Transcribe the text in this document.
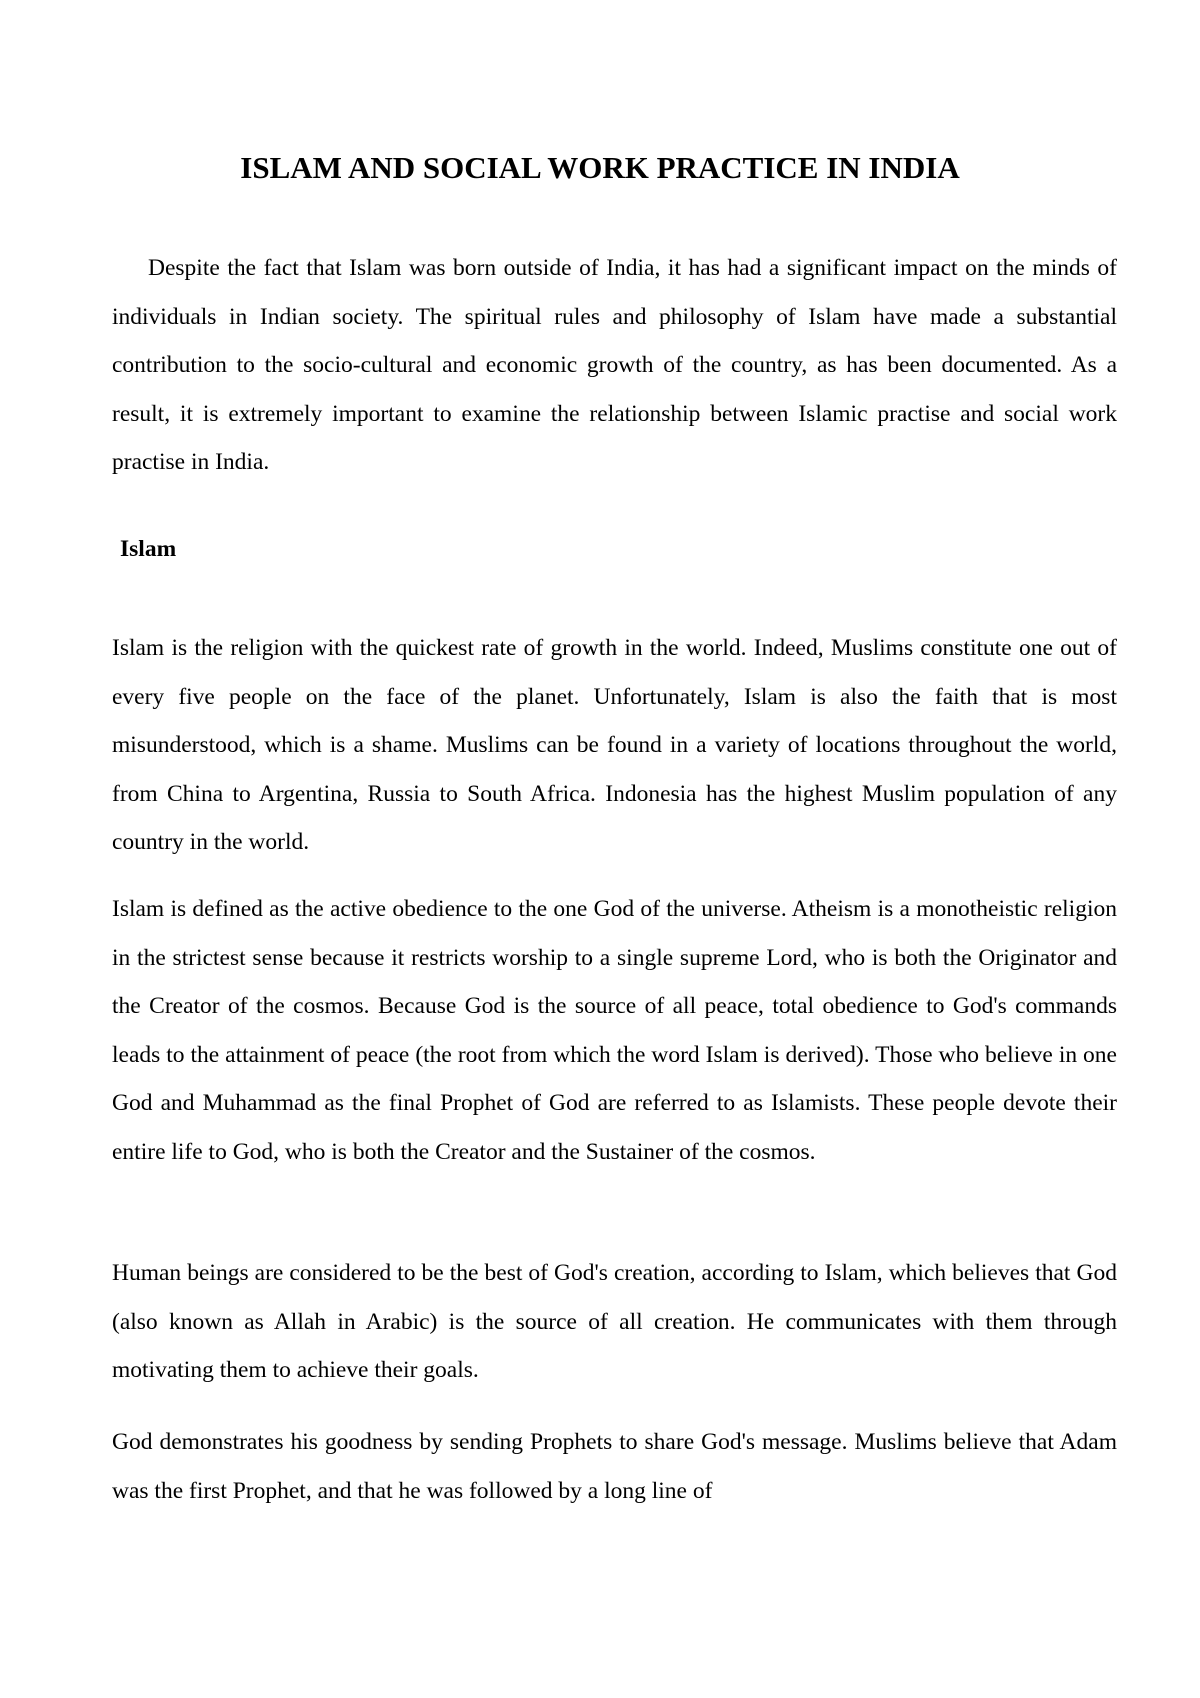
ISLAM AND SOCIAL WORK PRACTICE IN INDIA

Despite the fact that Islam was born outside of India, it has had a significant impact on the minds of individuals in Indian society. The spiritual rules and philosophy of Islam have made a substantial contribution to the socio-cultural and economic growth of the country, as has been documented. As a result, it is extremely important to examine the relationship between Islamic practise and social work practise in India.

Islam

Islam is the religion with the quickest rate of growth in the world. Indeed, Muslims constitute one out of every five people on the face of the planet. Unfortunately, Islam is also the faith that is most misunderstood, which is a shame. Muslims can be found in a variety of locations throughout the world, from China to Argentina, Russia to South Africa. Indonesia has the highest Muslim population of any country in the world.

Islam is defined as the active obedience to the one God of the universe. Atheism is a monotheistic religion in the strictest sense because it restricts worship to a single supreme Lord, who is both the Originator and the Creator of the cosmos. Because God is the source of all peace, total obedience to God's commands leads to the attainment of peace (the root from which the word Islam is derived). Those who believe in one God and Muhammad as the final Prophet of God are referred to as Islamists. These people devote their entire life to God, who is both the Creator and the Sustainer of the cosmos.

Human beings are considered to be the best of God's creation, according to Islam, which believes that God (also known as Allah in Arabic) is the source of all creation. He communicates with them through motivating them to achieve their goals.

God demonstrates his goodness by sending Prophets to share God's message. Muslims believe that Adam was the first Prophet, and that he was followed by a long line of
